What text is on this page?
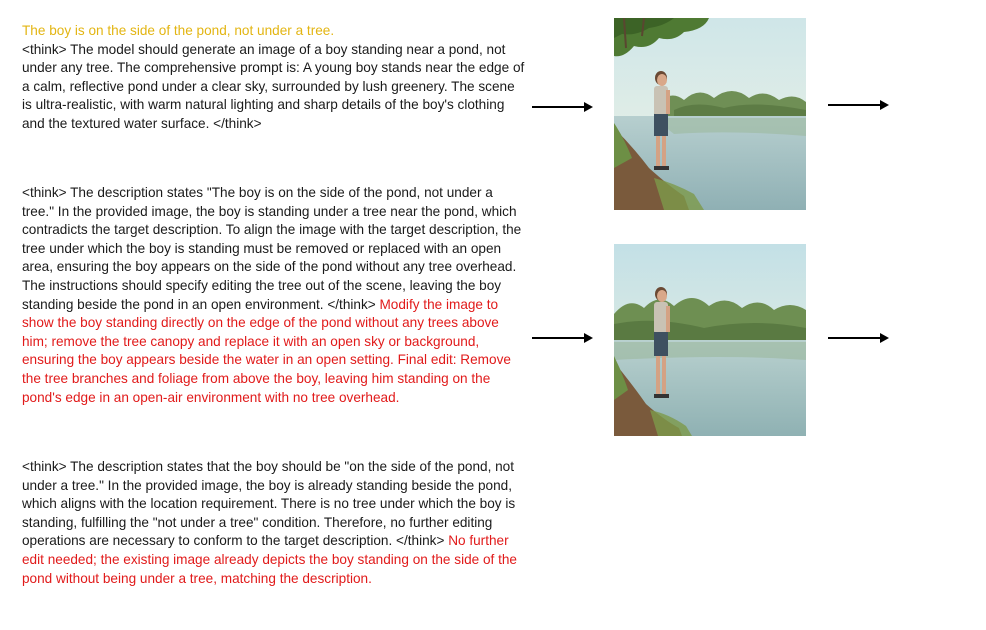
The boy is on the side of the pond, not under a tree.
<think> The model should generate an image of a boy standing near a pond, not under any tree. The comprehensive prompt is: A young boy stands near the edge of a calm, reflective pond under a clear sky, surrounded by lush greenery. The scene is ultra-realistic, with warm natural lighting and sharp details of the boy's clothing and the textured water surface. </think>
<think> The description states "The boy is on the side of the pond, not under a tree." In the provided image, the boy is standing under a tree near the pond, which contradicts the target description. To align the image with the target description, the tree under which the boy is standing must be removed or replaced with an open area, ensuring the boy appears on the side of the pond without any tree overhead. The instructions should specify editing the tree out of the scene, leaving the boy standing beside the pond in an open environment. </think> Modify the image to show the boy standing directly on the edge of the pond without any trees above him; remove the tree canopy and replace it with an open sky or background, ensuring the boy appears beside the water in an open setting. Final edit: Remove the tree branches and foliage from above the boy, leaving him standing on the pond's edge in an open-air environment with no tree overhead.
<think> The description states that the boy should be "on the side of the pond, not under a tree." In the provided image, the boy is already standing beside the pond, which aligns with the location requirement. There is no tree under which the boy is standing, fulfilling the "not under a tree" condition. Therefore, no further editing operations are necessary to conform to the target description. </think> No further edit needed; the existing image already depicts the boy standing on the side of the pond without being under a tree, matching the description.
